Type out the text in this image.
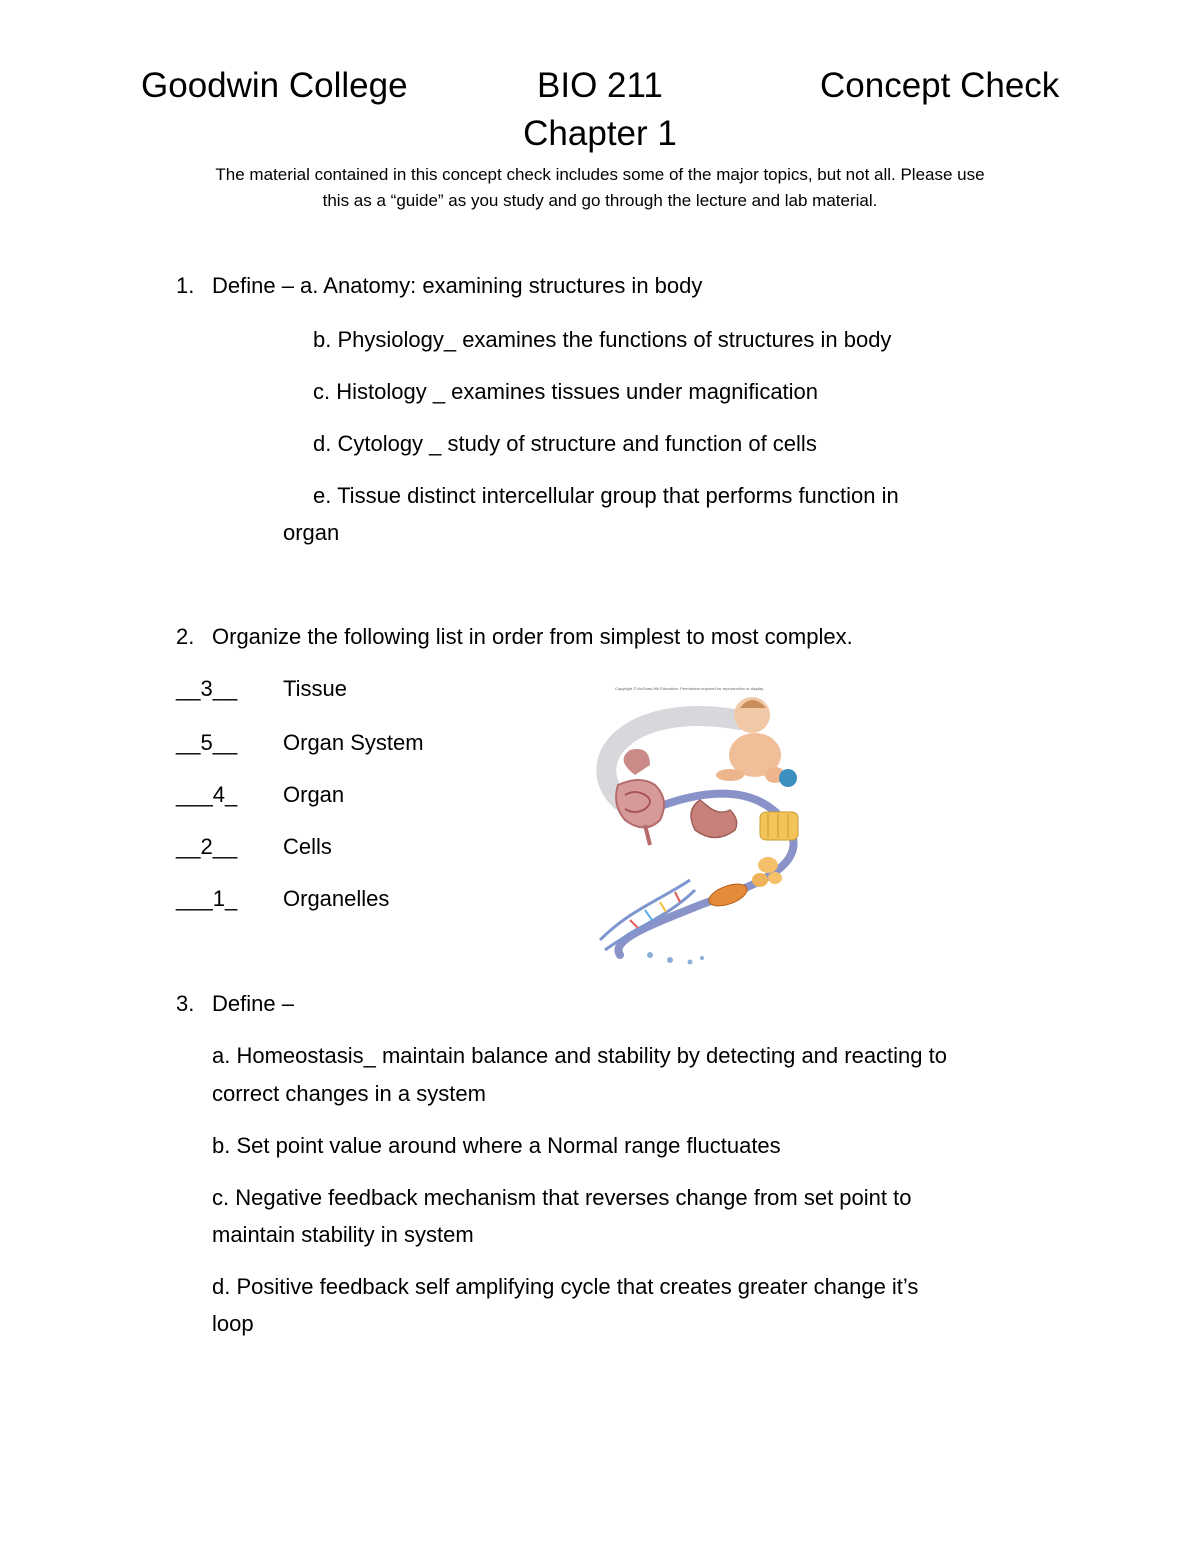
Goodwin College	BIO 211	Concept Check
Chapter 1
The material contained in this concept check includes some of the major topics, but not all. Please use
this as a “guide” as you study and go through the lecture and lab material.
1. Define – a. Anatomy: examining structures in body
b. Physiology_ examines the functions of structures in body
c. Histology _ examines tissues under magnification
d. Cytology _ study of structure and function of cells
e. Tissue distinct intercellular group that performs function in
organ
2. Organize the following list in order from simplest to most complex.
__3__ Tissue
__5__ Organ System
___4_ Organ
__2__ Cells
___1_ Organelles
Copyright © McGraw-Hill Education. Permission required for reproduction or display.
3. Define –
a. Homeostasis_ maintain balance and stability by detecting and reacting to
correct changes in a system
b. Set point value around where a Normal range fluctuates
c. Negative feedback mechanism that reverses change from set point to
maintain stability in system
d. Positive feedback self amplifying cycle that creates greater change it’s
loop
